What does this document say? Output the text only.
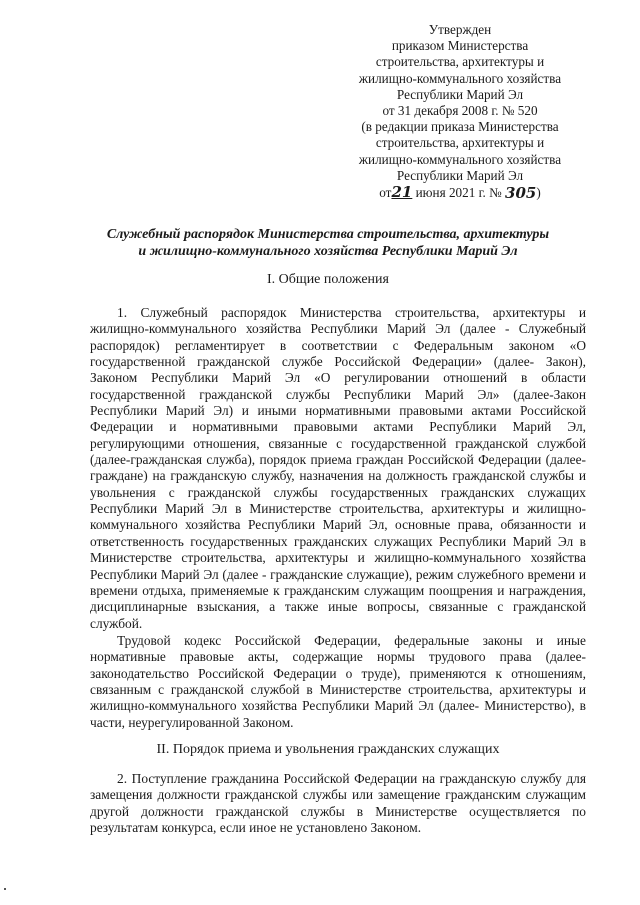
Утвержден
приказом Министерства
строительства, архитектуры и
жилищно-коммунального хозяйства
Республики Марий Эл
от 31 декабря 2008 г. № 520
(в редакции приказа Министерства
строительства, архитектуры и
жилищно-коммунального хозяйства
Республики Марий Эл
от21 июня 2021 г. № 305)
Служебный распорядок Министерства строительства, архитектуры
и жилищно-коммунального хозяйства Республики Марий Эл
I. Общие положения
1. Служебный распорядок Министерства строительства, архитектуры и жилищно-коммунального хозяйства Республики Марий Эл (далее - Служебный распорядок) регламентирует в соответствии с Федеральным законом «О государственной гражданской службе Российской Федерации» (далее- Закон), Законом Республики Марий Эл «О регулировании отношений в области государственной гражданской службы Республики Марий Эл» (далее-Закон Республики Марий Эл) и иными нормативными правовыми актами Российской Федерации и нормативными правовыми актами Республики Марий Эл, регулирующими отношения, связанные с государственной гражданской службой (далее-гражданская служба), порядок приема граждан Российской Федерации (далее-граждане) на гражданскую службу, назначения на должность гражданской службы и увольнения с гражданской службы государственных гражданских служащих Республики Марий Эл в Министерстве строительства, архитектуры и жилищно-коммунального хозяйства Республики Марий Эл, основные права, обязанности и ответственность государственных гражданских служащих Республики Марий Эл в Министерстве строительства, архитектуры и жилищно-коммунального хозяйства Республики Марий Эл (далее - гражданские служащие), режим служебного времени и времени отдыха, применяемые к гражданским служащим поощрения и награждения, дисциплинарные взыскания, а также иные вопросы, связанные с гражданской службой.
Трудовой кодекс Российской Федерации, федеральные законы и иные нормативные правовые акты, содержащие нормы трудового права (далее-законодательство Российской Федерации о труде), применяются к отношениям, связанным с гражданской службой в Министерстве строительства, архитектуры и жилищно-коммунального хозяйства Республики Марий Эл (далее- Министерство), в части, неурегулированной Законом.
II. Порядок приема и увольнения гражданских служащих
2. Поступление гражданина Российской Федерации на гражданскую службу для замещения должности гражданской службы или замещение гражданским служащим другой должности гражданской службы в Министерстве осуществляется по результатам конкурса, если иное не установлено Законом.
